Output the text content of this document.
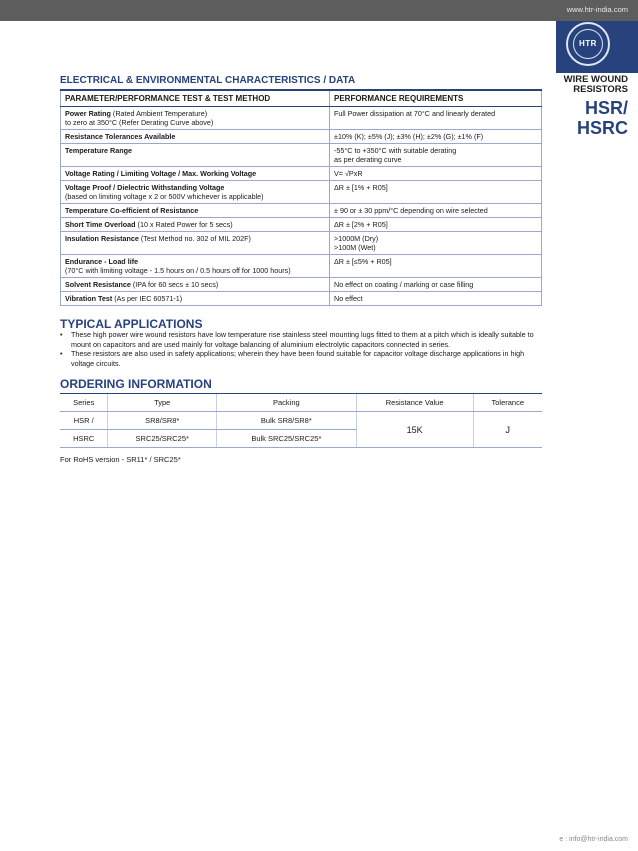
www.htr-india.com
HTR
WIRE WOUND
RESISTORS
HSR/
HSRC
ELECTRICAL & ENVIRONMENTAL CHARACTERISTICS / DATA
PARAMETER/PERFORMANCE TEST & TEST METHOD	PERFORMANCE REQUIREMENTS
Power Rating (Rated Ambient Temperature)
to zero at 350°C (Refer Derating Curve above)	Full Power dissipation at 70°C and linearly derated
Resistance Tolerances Available	±10% (K); ±5% (J); ±3% (H); ±2% (G); ±1% (F)
Temperature Range	-55°C to +350°C with suitable derating
as per derating curve
Voltage Rating / Limiting Voltage / Max. Working Voltage	V= √PxR
Voltage Proof / Dielectric Withstanding Voltage
(based on limiting voltage x 2 or 500V whichever is applicable)	ΔR ± [1% + R05]
Temperature Co-efficient of Resistance	± 90 or ± 30 ppm/°C depending on wire selected
Short Time Overload (10 x Rated Power for 5 secs)	ΔR ± [2% + R05]
Insulation Resistance (Test Method no. 302 of MIL 202F)	>1000M (Dry)
>100M (Wet)
Endurance - Load life
(70°C with limiting voltage - 1.5 hours on / 0.5 hours off for 1000 hours)	ΔR ± [≤5% + R05]
Solvent Resistance (IPA for 60 secs ± 10 secs)	No effect on coating / marking or case filling
Vibration Test (As per IEC 60571-1)	No effect
TYPICAL APPLICATIONS
• These high power wire wound resistors have low temperature rise stainless steel mounting lugs fitted to them at a pitch which is ideally suitable to mount on capacitors and are used mainly for voltage balancing of aluminium electrolytic capacitors connected in series.
• These resistors are also used in safety applications; wherein they have been found suitable for capacitor voltage discharge applications in high voltage circuits.
ORDERING INFORMATION
Series	Type	Packing	Resistance Value	Tolerance
HSR /	SR8/SR8*	Bulk SR8/SR8*	15K	J
HSRC	SRC25/SRC25*	Bulk SRC25/SRC25*		
For RoHS version - SR11* / SRC25*
e : info@htr-india.com
